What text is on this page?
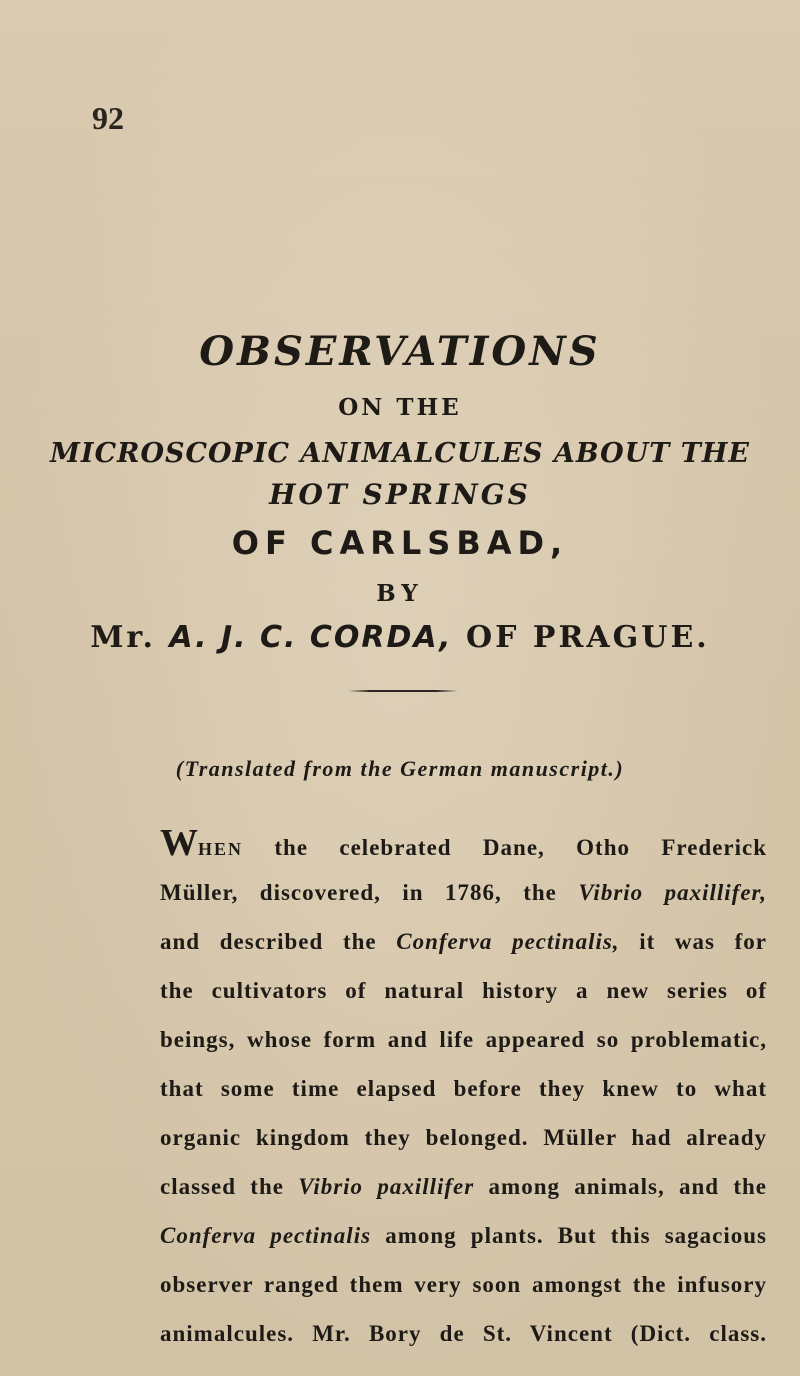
92
OBSERVATIONS
ON THE
MICROSCOPIC ANIMALCULES ABOUT THE
HOT SPRINGS
OF CARLSBAD,
BY
Mr. A. J. C. CORDA, OF PRAGUE.
(Translated from the German manuscript.)
WHEN the celebrated Dane, Otho Frederick
Müller, discovered, in 1786, the Vibrio paxillifer,
and described the Conferva pectinalis, it was for
the cultivators of natural history a new series of
beings, whose form and life appeared so problematic,
that some time elapsed before they knew to what
organic kingdom they belonged. Müller had already
classed the Vibrio paxillifer among animals, and the
Conferva pectinalis among plants. But this sagacious
observer ranged them very soon amongst the infusory
animalcules. Mr. Bory de St. Vincent (Dict. class.
